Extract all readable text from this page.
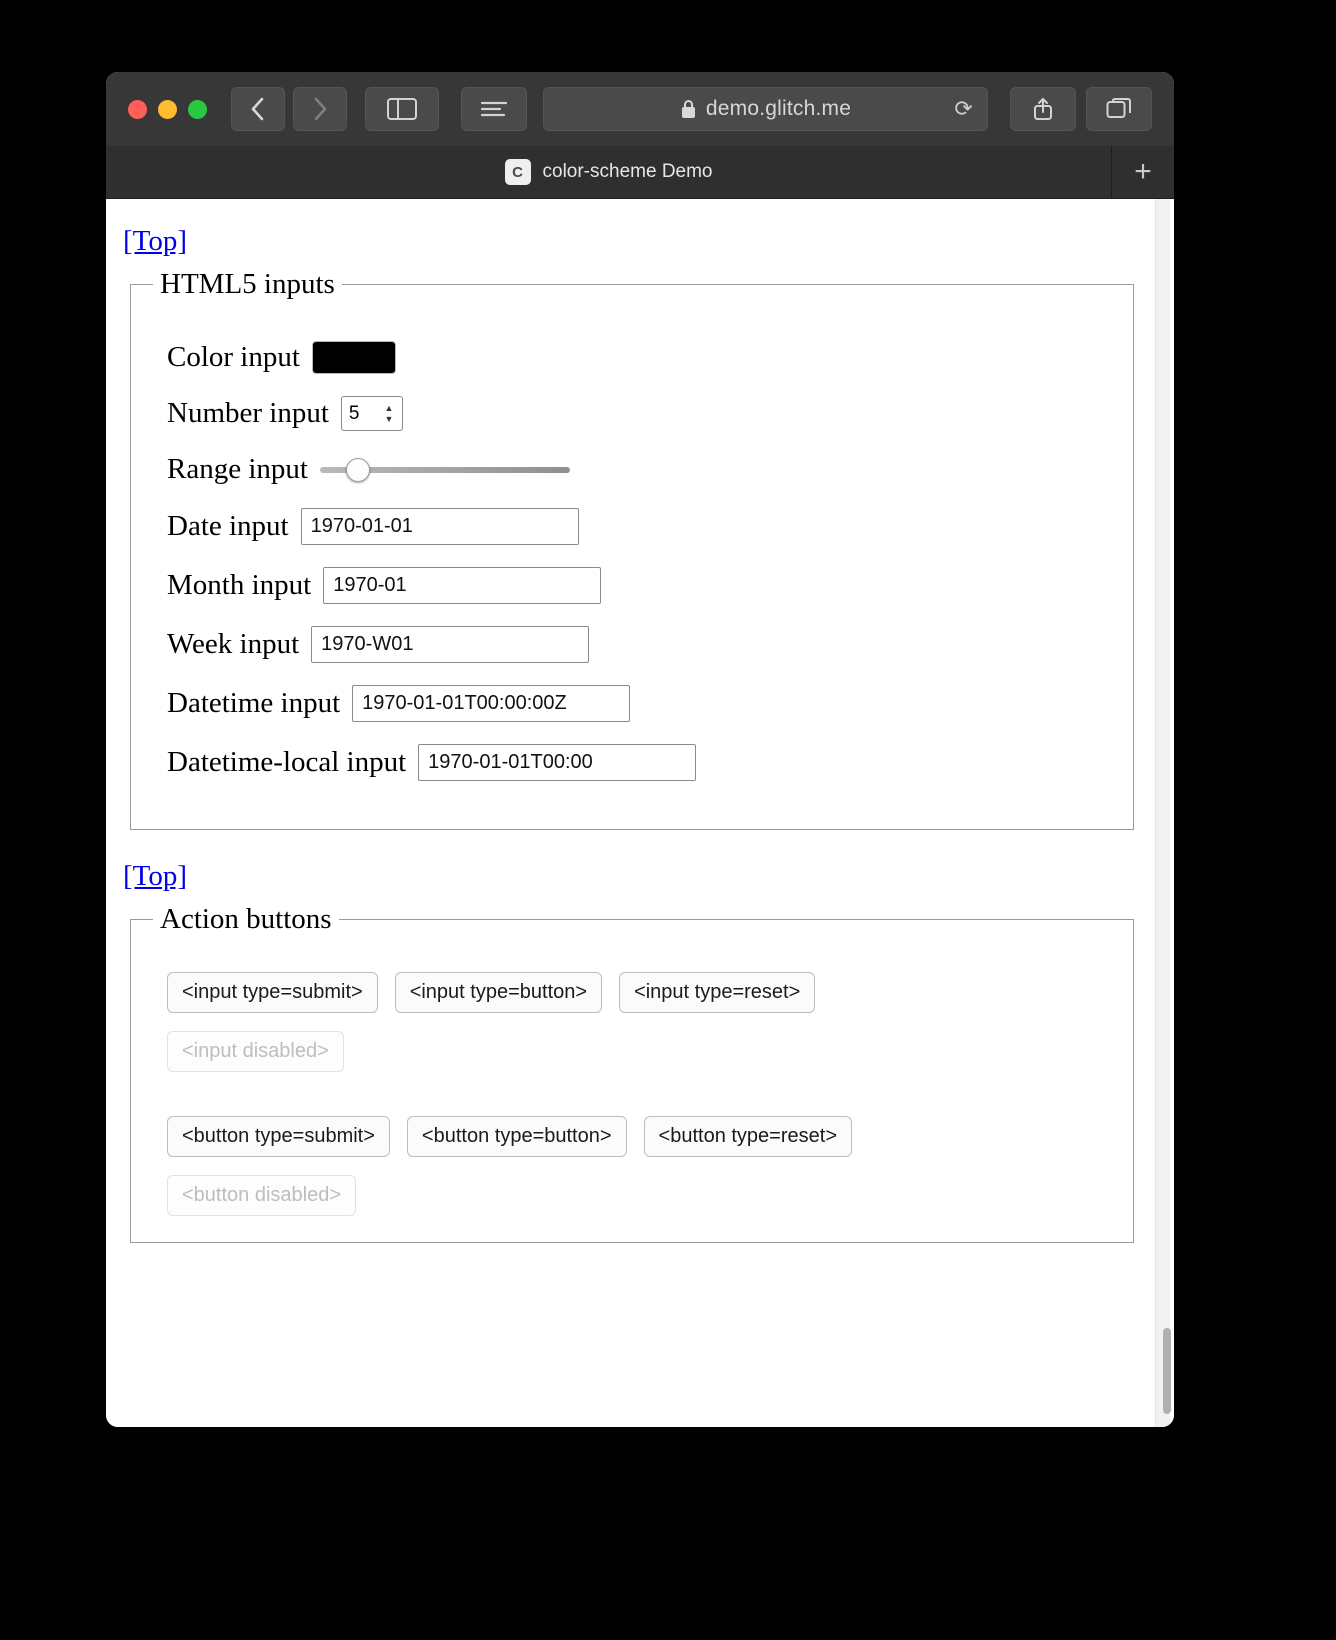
demo.glitch.me	⟳
C	color-scheme Demo	+
[Top]
HTML5 inputs
Color input
Number input	5	▲
▼
Range input
Date input 1970-01-01
Month input 1970-01
Week input 1970-W01
Datetime input 1970-01-01T00:00:00Z
Datetime-local input 1970-01-01T00:00
[Top]
Action buttons
<input type=submit>	<input type=button>	<input type=reset>
<input disabled>
<button type=submit>	<button type=button>	<button type=reset>
<button disabled>
